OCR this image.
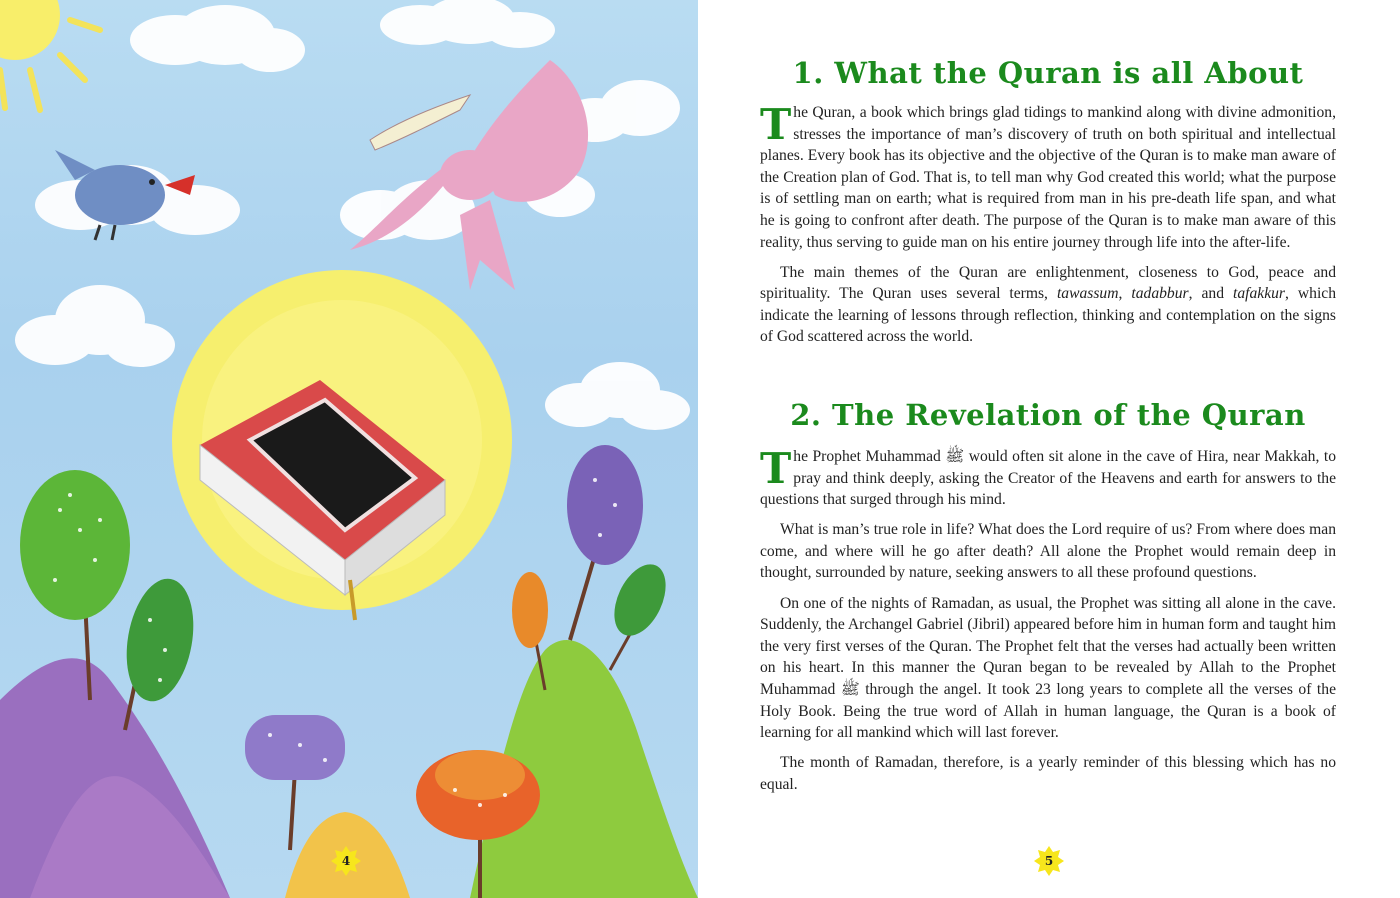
4
1. What the Quran is all About

The Quran, a book which brings glad tidings to mankind along with divine admonition, stresses the importance of man’s discovery of truth on both spiritual and intellectual planes. Every book has its objective and the objective of the Quran is to make man aware of the Creation plan of God. That is, to tell man why God created this world; what the purpose is of settling man on earth; what is required from man in his pre-death life span, and what he is going to confront after death. The purpose of the Quran is to make man aware of this reality, thus serving to guide man on his entire journey through life into the after-life.

The main themes of the Quran are enlightenment, closeness to God, peace and spirituality. The Quran uses several terms, tawassum, tadabbur, and tafakkur, which indicate the learning of lessons through reflection, thinking and contemplation on the signs of God scattered across the world.

2. The Revelation of the Quran

The Prophet Muhammad ﷺ would often sit alone in the cave of Hira, near Makkah, to pray and think deeply, asking the Creator of the Heavens and earth for answers to the questions that surged through his mind.

What is man’s true role in life? What does the Lord require of us? From where does man come, and where will he go after death? All alone the Prophet would remain deep in thought, surrounded by nature, seeking answers to all these profound questions.

On one of the nights of Ramadan, as usual, the Prophet was sitting all alone in the cave. Suddenly, the Archangel Gabriel (Jibril) appeared before him in human form and taught him the very first verses of the Quran. The Prophet felt that the verses had actually been written on his heart. In this manner the Quran began to be revealed by Allah to the Prophet Muhammad ﷺ through the angel. It took 23 long years to complete all the verses of the Holy Book. Being the true word of Allah in human language, the Quran is a book of learning for all mankind which will last forever.

The month of Ramadan, therefore, is a yearly reminder of this blessing which has no equal.

5
